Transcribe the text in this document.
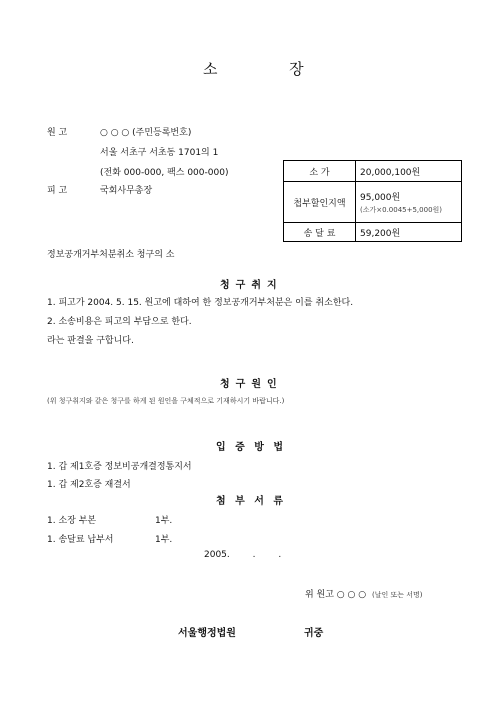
소	장
원 고	○ ○ ○ (주민등록번호)
서울 서초구 서초동 1701의 1
(전화 000-000, 팩스 000-000)
피 고	국회사무총장
소 가	20,000,100원
첩부할인지액	95,000원
(소가×0.0045+5,000원)

송 달 료	59,200원
정보공개거부처분취소 청구의 소
청구취지
1. 피고가 2004. 5. 15. 원고에 대하여 한 정보공개거부처분은 이를 취소한다.
2. 소송비용은 피고의 부담으로 한다.
라는 판결을 구합니다.
청구원인
(위 청구취지와 같은 청구를 하게 된 원인을 구체적으로 기재하시기 바랍니다.)
입 증 방 법
1. 갑 제1호증 정보비공개결정통지서
1. 갑 제2호증 재결서
첨 부 서 류
1. 소장 부본	1부.
1. 송달료 납부서	1부.
2005.        .        .
위 원고 ○ ○ ○ (날인 또는 서명)
서울행정법원	귀중
